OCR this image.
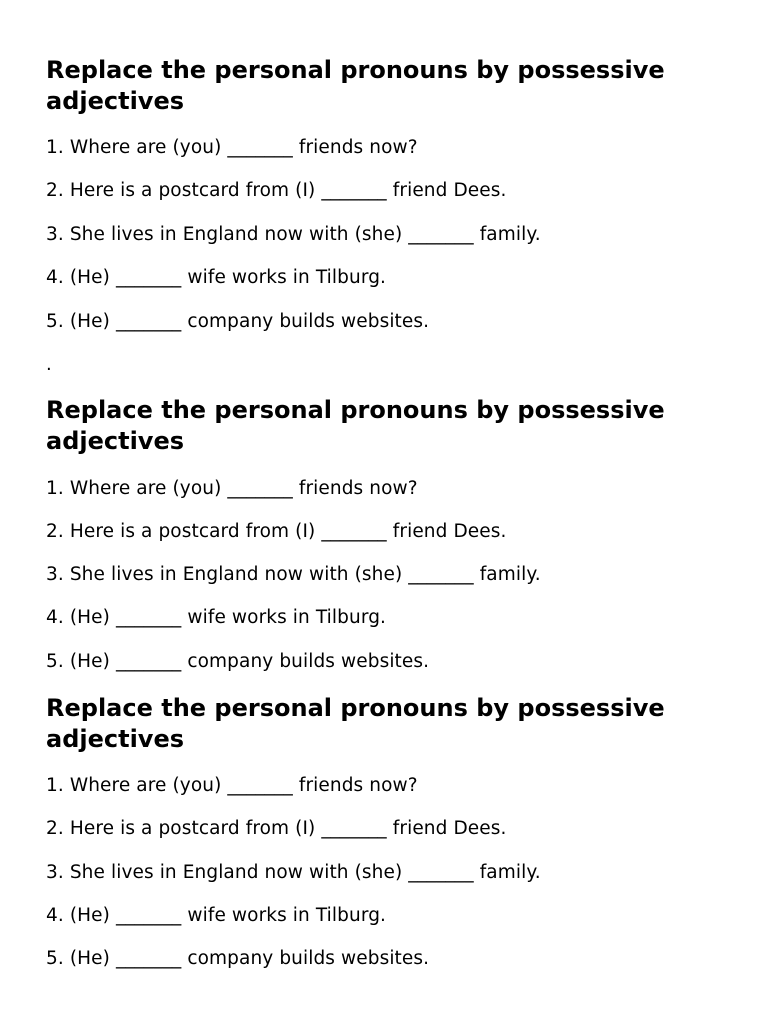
Replace the personal pronouns by possessive
adjectives
1. Where are (you) _______ friends now?
2. Here is a postcard from (I) _______ friend Dees.
3. She lives in England now with (she) _______ family.
4. (He) _______ wife works in Tilburg.
5. (He) _______ company builds websites.
.
Replace the personal pronouns by possessive
adjectives
1. Where are (you) _______ friends now?
2. Here is a postcard from (I) _______ friend Dees.
3. She lives in England now with (she) _______ family.
4. (He) _______ wife works in Tilburg.
5. (He) _______ company builds websites.
Replace the personal pronouns by possessive
adjectives
1. Where are (you) _______ friends now?
2. Here is a postcard from (I) _______ friend Dees.
3. She lives in England now with (she) _______ family.
4. (He) _______ wife works in Tilburg.
5. (He) _______ company builds websites.
